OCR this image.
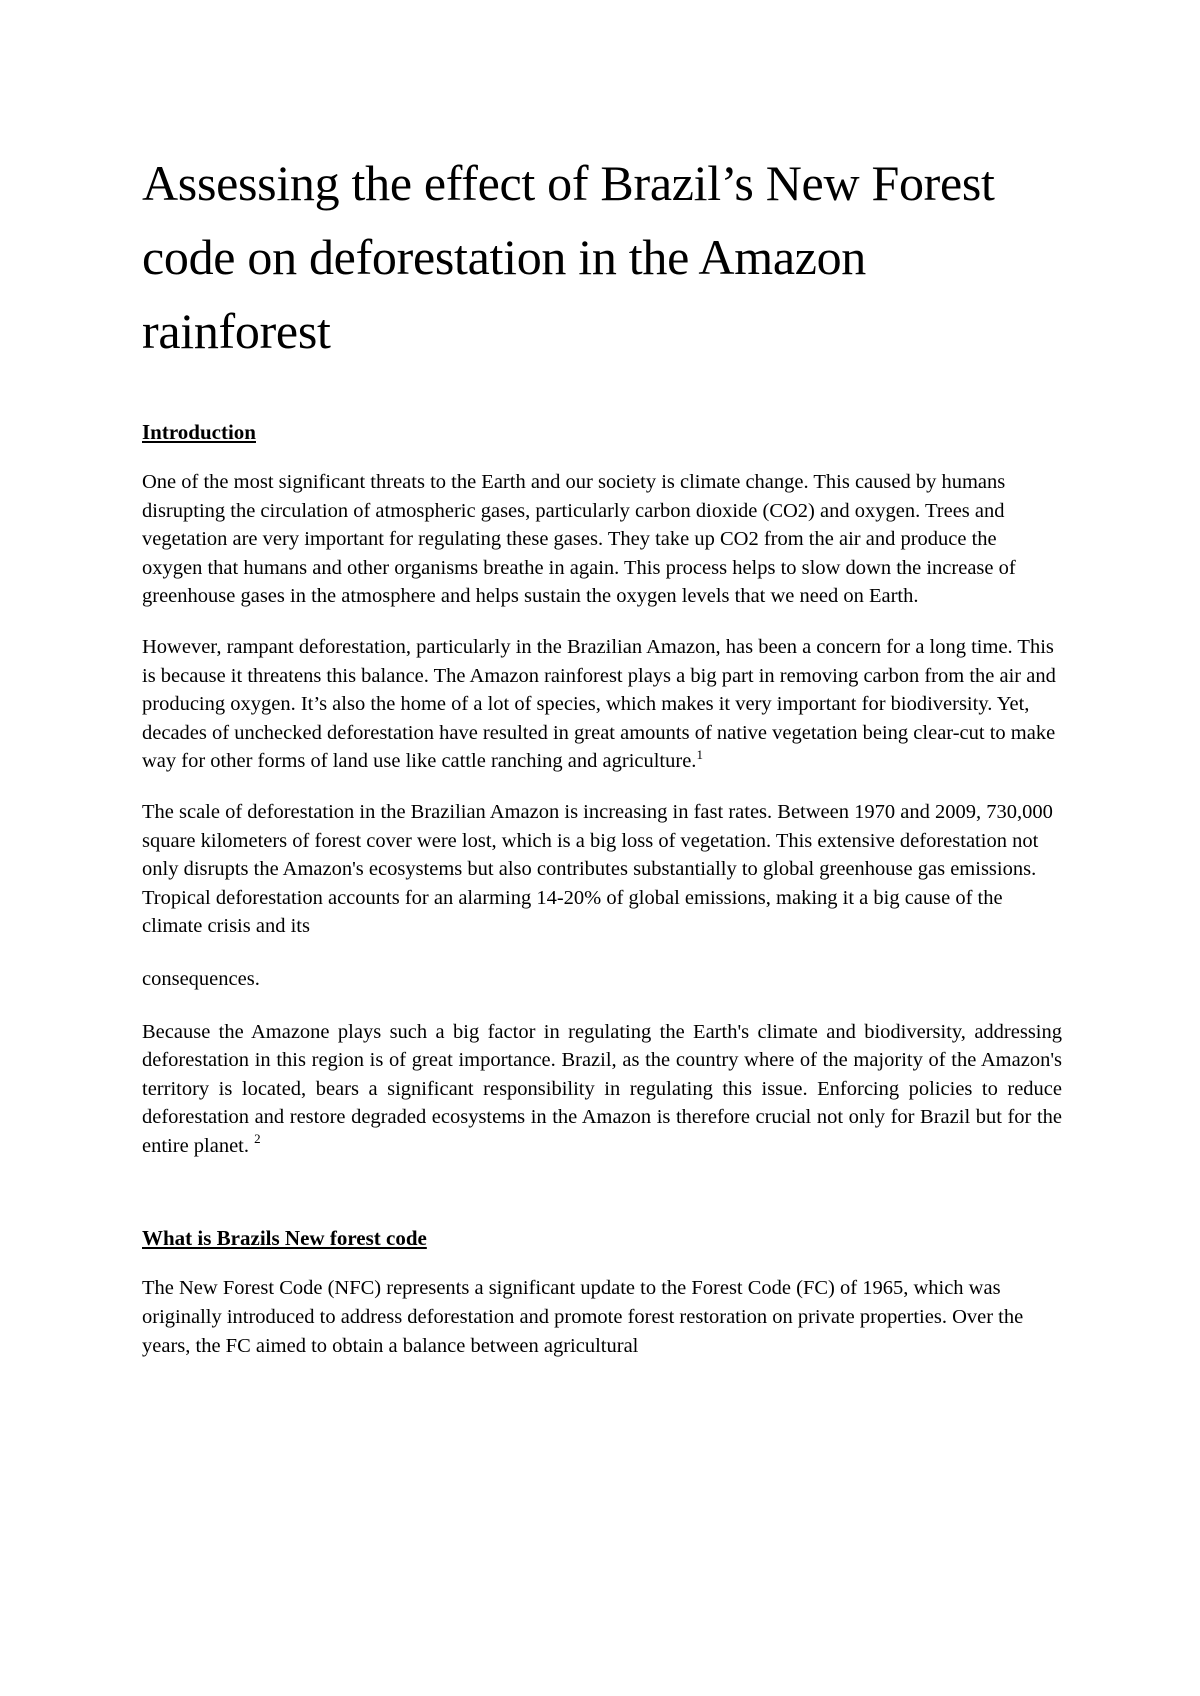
Assessing the effect of Brazil’s New Forest code on deforestation in the Amazon rainforest
Introduction

One of the most significant threats to the Earth and our society is climate change. This caused by humans disrupting the circulation of atmospheric gases, particularly carbon dioxide (CO2) and oxygen. Trees and vegetation are very important for regulating these gases. They take up CO2 from the air and produce the oxygen that humans and other organisms breathe in again. This process helps to slow down the increase of greenhouse gases in the atmosphere and helps sustain the oxygen levels that we need on Earth.

However, rampant deforestation, particularly in the Brazilian Amazon, has been a concern for a long time. This is because it threatens this balance. The Amazon rainforest plays a big part in removing carbon from the air and producing oxygen. It’s also the home of a lot of species, which makes it very important for biodiversity. Yet, decades of unchecked deforestation have resulted in great amounts of native vegetation being clear-cut to make way for other forms of land use like cattle ranching and agriculture.$^1$

The scale of deforestation in the Brazilian Amazon is increasing in fast rates. Between 1970 and 2009, 730,000 square kilometers of forest cover were lost, which is a big loss of vegetation. This extensive deforestation not only disrupts the Amazon's ecosystems but also contributes substantially to global greenhouse gas emissions. Tropical deforestation accounts for an alarming 14-20% of global emissions, making it a big cause of the climate crisis and its

consequences.

Because the Amazone plays such a big factor in regulating the Earth's climate and biodiversity, addressing deforestation in this region is of great importance. Brazil, as the country where of the majority of the Amazon's territory is located, bears a significant responsibility in regulating this issue. Enforcing policies to reduce deforestation and restore degraded ecosystems in the Amazon is therefore crucial not only for Brazil but for the entire planet. $^2$

What is Brazils New forest code

The New Forest Code (NFC) represents a significant update to the Forest Code (FC) of 1965, which was originally introduced to address deforestation and promote forest restoration on private properties. Over the years, the FC aimed to obtain a balance between agricultural
